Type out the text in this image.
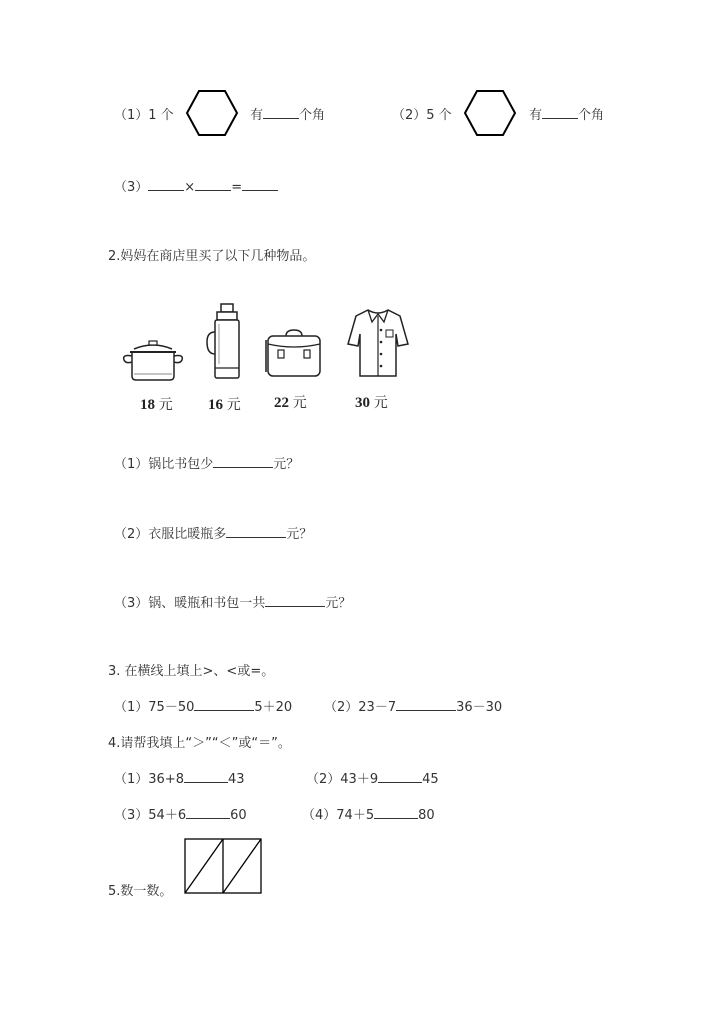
（1）1 个	有	个角	（2）5 个	有	个角
（3）	×	=
2.妈妈在商店里买了以下几种物品。
18 元 16 元 22 元	30 元
（1）锅比书包少	元？
（2）衣服比暖瓶多	元？
（3）锅、暖瓶和书包一共	元？
3. 在横线上填上>、<或=。
（1）75－50	5＋20 （2）23－7	36－30
4.请帮我填上“＞”“＜”或“＝”。
（1）36+8	43	（2）43＋9	45
（3）54＋6	60	（4）74＋5	80
5.数一数。
